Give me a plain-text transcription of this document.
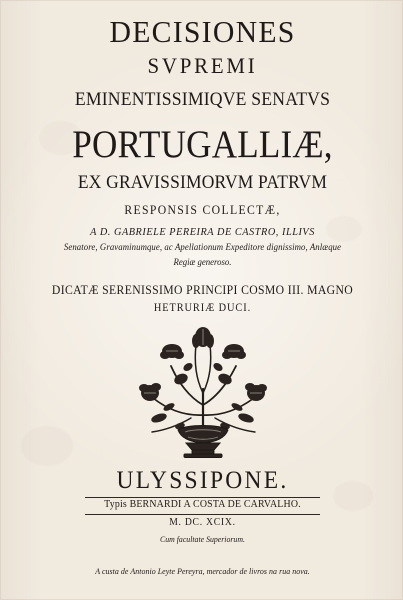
DECISIONES
SVPREMI
EMINENTISSIMIQVE SENATVS
PORTUGALLIÆ,
EX GRAVISSIMORVM PATRVM
RESPONSIS COLLECTÆ,
A D. GABRIELE PEREIRA DE CASTRO, ILLIVS
Senatore, Gravaminumque, ac Apellationum Expeditore dignissimo, Anlæque
Regiæ generoso.
DICATÆ SERENISSIMO PRINCIPI COSMO III. MAGNO
HETRURIÆ DUCI.
ULYSSIPONE.
Typis BERNARDI A COSTA DE CARVALHO.
M. DC. XCIX.
Cum facultate Superiorum.
A custa de Antonio Leyte Pereyra, mercador de livros na rua nova.
